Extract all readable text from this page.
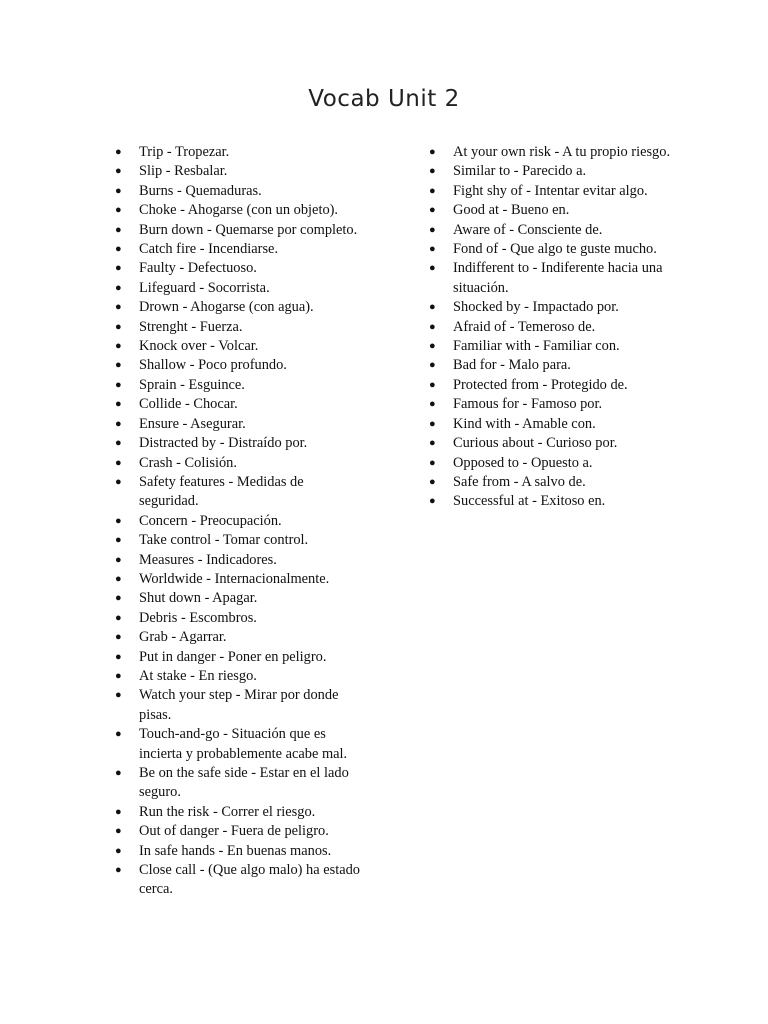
Vocab Unit 2
● Trip - Tropezar.
● Slip - Resbalar.
● Burns - Quemaduras.
● Choke - Ahogarse (con un objeto).
● Burn down - Quemarse por completo.
● Catch fire - Incendiarse.
● Faulty - Defectuoso.
● Lifeguard - Socorrista.
● Drown - Ahogarse (con agua).
● Strenght - Fuerza.
● Knock over - Volcar.
● Shallow - Poco profundo.
● Sprain - Esguince.
● Collide - Chocar.
● Ensure - Asegurar.
● Distracted by - Distraído por.
● Crash - Colisión.
● Safety features - Medidas de seguridad.
● Concern - Preocupación.
● Take control - Tomar control.
● Measures - Indicadores.
● Worldwide - Internacionalmente.
● Shut down - Apagar.
● Debris - Escombros.
● Grab - Agarrar.
● Put in danger - Poner en peligro.
● At stake - En riesgo.
● Watch your step - Mirar por donde pisas.
● Touch-and-go - Situación que es incierta y probablemente acabe mal.
● Be on the safe side - Estar en el lado seguro.
● Run the risk - Correr el riesgo.
● Out of danger - Fuera de peligro.
● In safe hands - En buenas manos.
● Close call - (Que algo malo) ha estado cerca.
● At your own risk - A tu propio riesgo.
● Similar to - Parecido a.
● Fight shy of - Intentar evitar algo.
● Good at - Bueno en.
● Aware of - Consciente de.
● Fond of - Que algo te guste mucho.
● Indifferent to - Indiferente hacia una situación.
● Shocked by - Impactado por.
● Afraid of - Temeroso de.
● Familiar with - Familiar con.
● Bad for - Malo para.
● Protected from - Protegido de.
● Famous for - Famoso por.
● Kind with - Amable con.
● Curious about - Curioso por.
● Opposed to - Opuesto a.
● Safe from - A salvo de.
● Successful at - Exitoso en.
